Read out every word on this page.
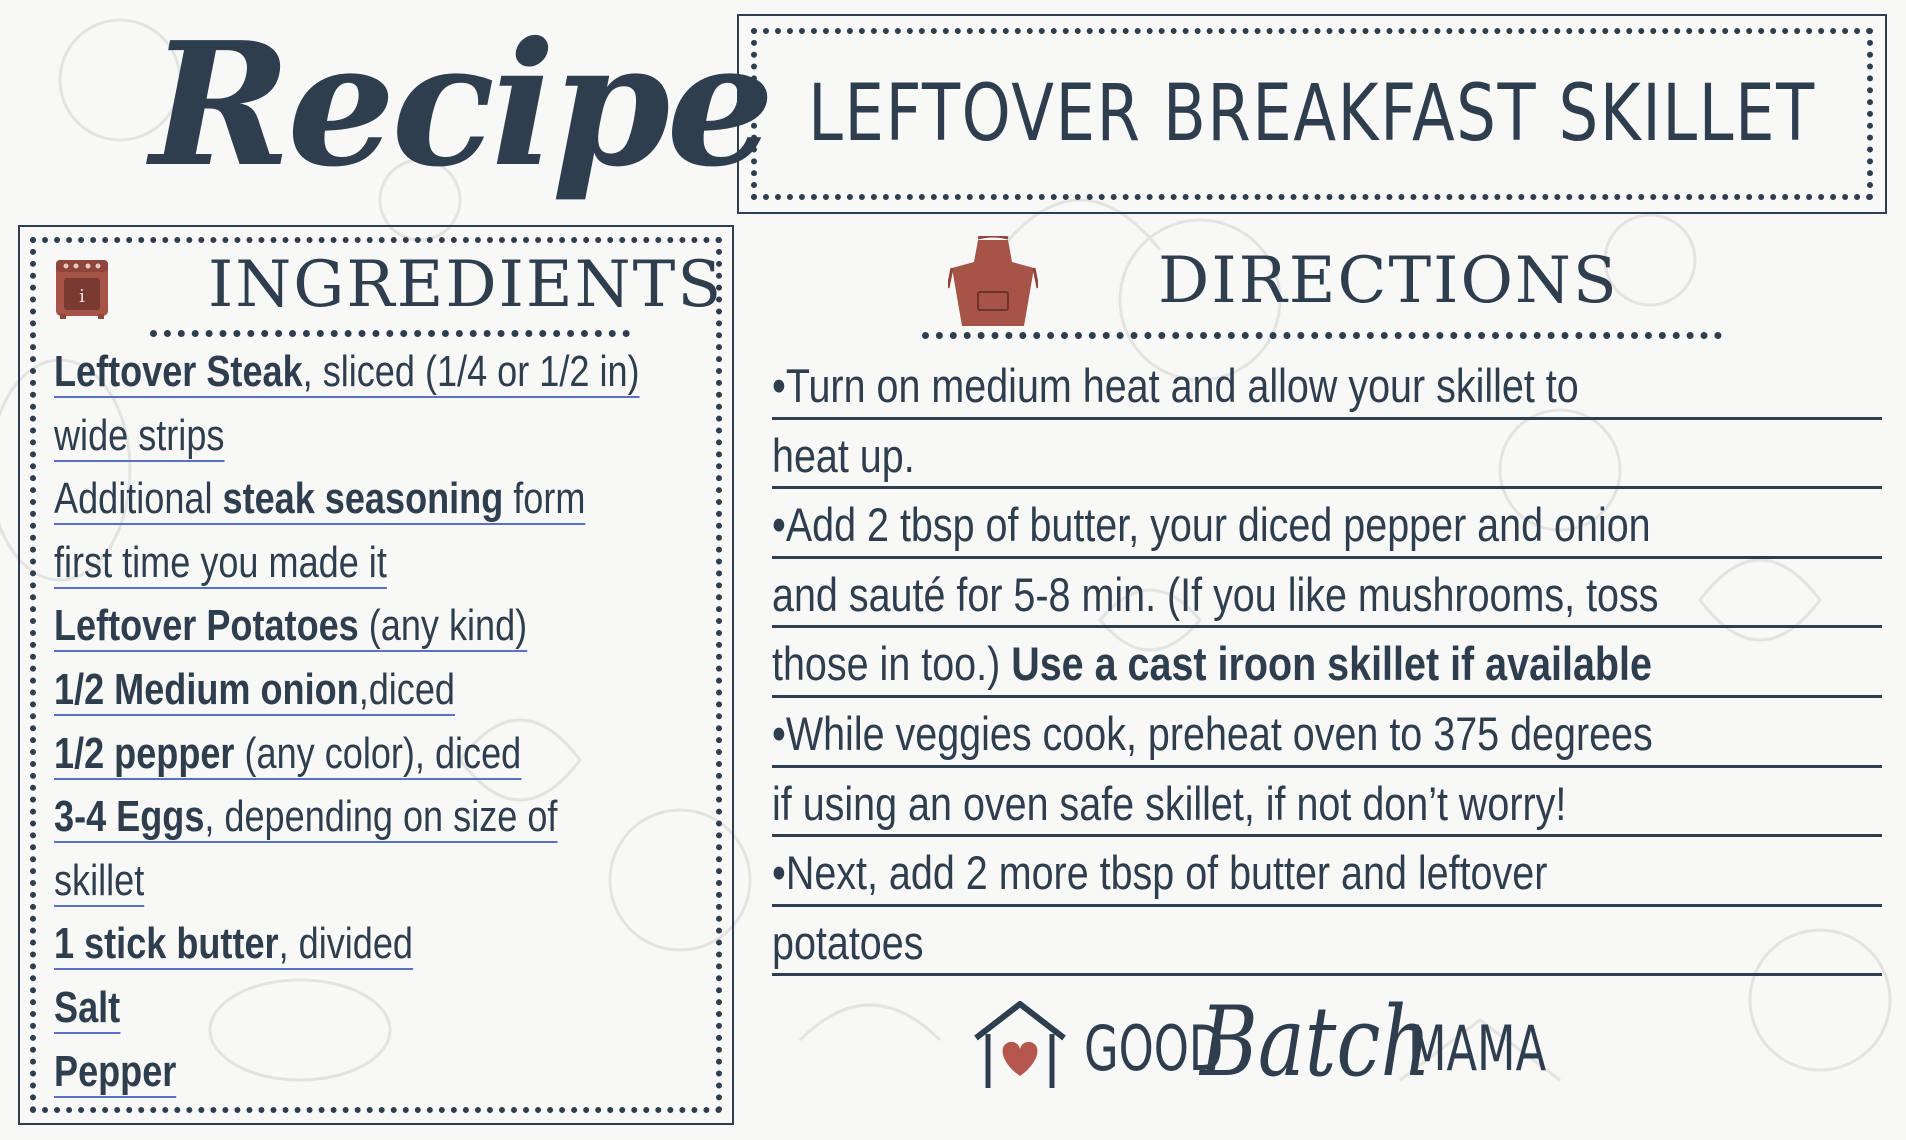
Recipe LEFTOVER BREAKFAST SKILLET
i INGREDIENTS
Leftover Steak, sliced (1/4 or 1/2 in)
wide strips
Additional steak seasoning form
first time you made it
Leftover Potatoes (any kind)
1/2 Medium onion,diced
1/2 pepper (any color), diced
3-4 Eggs, depending on size of
skillet
1 stick butter, divided
Salt
Pepper
DIRECTIONS
•Turn on medium heat and allow your skillet to
heat up.
•Add 2 tbsp of butter, your diced pepper and onion
and sauté for 5-8 min. (If you like mushrooms, toss
those in too.) Use a cast iroon skillet if available
•While veggies cook, preheat oven to 375 degrees
if using an oven safe skillet, if not don’t worry!
•Next, add 2 more tbsp of butter and leftover
potatoes
GOOD
Batch
MAMA
